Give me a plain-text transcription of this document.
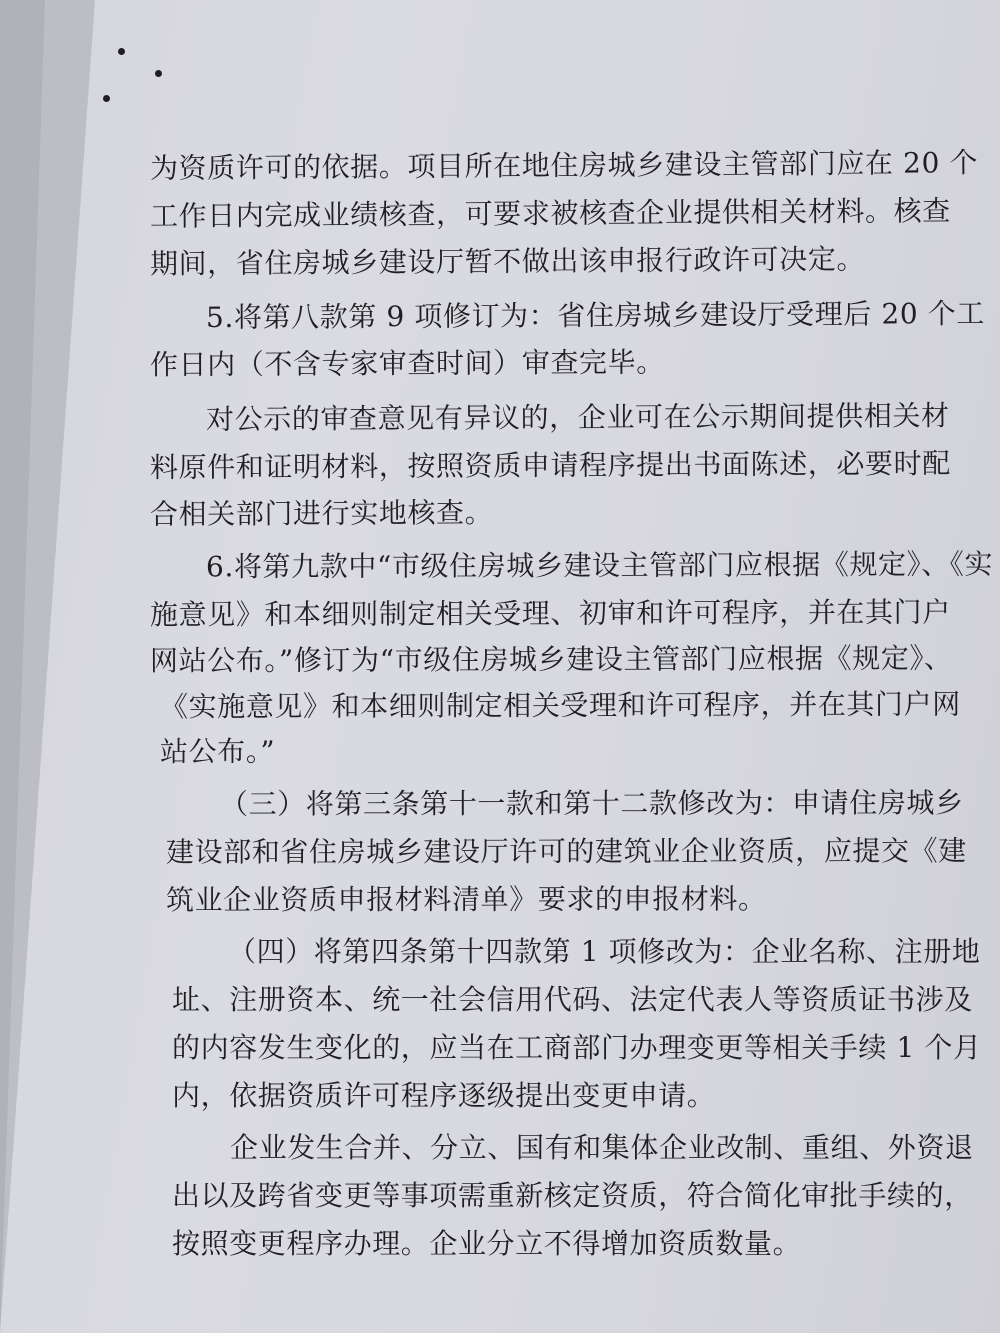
为资质许可的依据。项目所在地住房城乡建设主管部门应在 20 个
工作日内完成业绩核查，可要求被核查企业提供相关材料。核查
期间，省住房城乡建设厅暂不做出该申报行政许可决定。
5.将第八款第 9 项修订为：省住房城乡建设厅受理后 20 个工
作日内（不含专家审查时间）审查完毕。
对公示的审查意见有异议的，企业可在公示期间提供相关材
料原件和证明材料，按照资质申请程序提出书面陈述，必要时配
合相关部门进行实地核查。
6.将第九款中“市级住房城乡建设主管部门应根据《规定》、《实
施意见》和本细则制定相关受理、初审和许可程序，并在其门户
网站公布。”修订为“市级住房城乡建设主管部门应根据《规定》、
《实施意见》和本细则制定相关受理和许可程序，并在其门户网
站公布。”
（三）将第三条第十一款和第十二款修改为：申请住房城乡
建设部和省住房城乡建设厅许可的建筑业企业资质，应提交《建
筑业企业资质申报材料清单》要求的申报材料。
（四）将第四条第十四款第 1 项修改为：企业名称、注册地
址、注册资本、统一社会信用代码、法定代表人等资质证书涉及
的内容发生变化的，应当在工商部门办理变更等相关手续 1 个月
内，依据资质许可程序逐级提出变更申请。
企业发生合并、分立、国有和集体企业改制、重组、外资退
出以及跨省变更等事项需重新核定资质，符合简化审批手续的，
按照变更程序办理。企业分立不得增加资质数量。
